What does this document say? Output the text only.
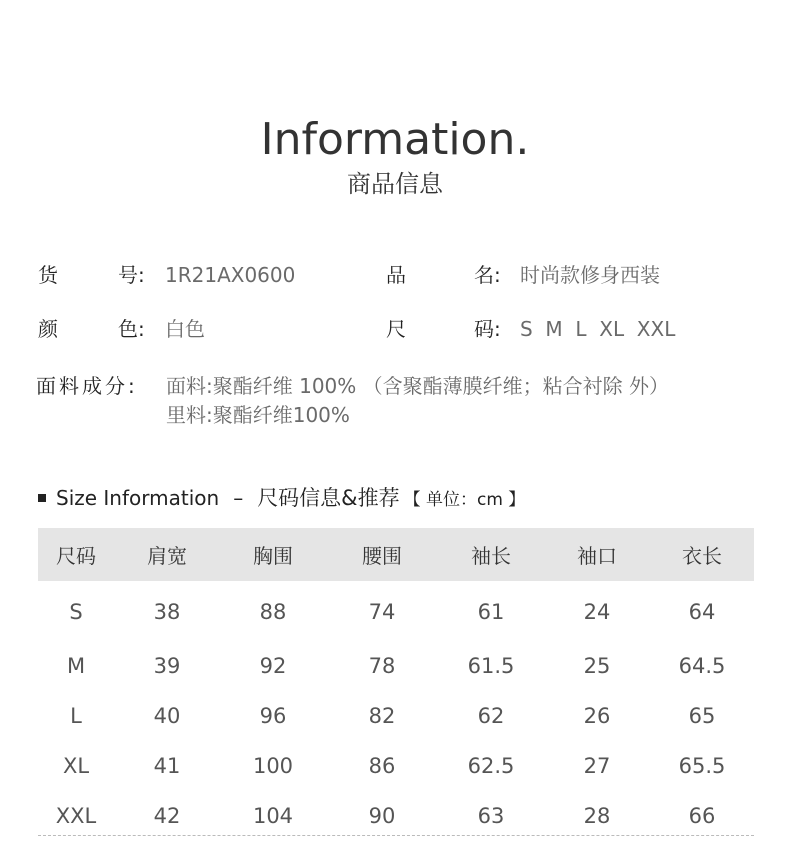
Information.
商品信息
货	号: 1R21AX0600	品	名: 时尚款修身西装
颜	色: 白色	尺	码: S  M  L  XL  XXL
面料成分: 面料:聚酯纤维 100% （含聚酯薄膜纤维；粘合衬除 外）
里料:聚酯纤维100%
Size Information – 尺码信息&推荐 【 单位：cm 】
尺码	肩宽	胸围	腰围	袖长	袖口	衣长
S	38	88	74	61	24	64
M	39	92	78	61.5	25	64.5
L	40	96	82	62	26	65
XL	41	100	86	62.5	27	65.5
XXL	42	104	90	63	28	66
